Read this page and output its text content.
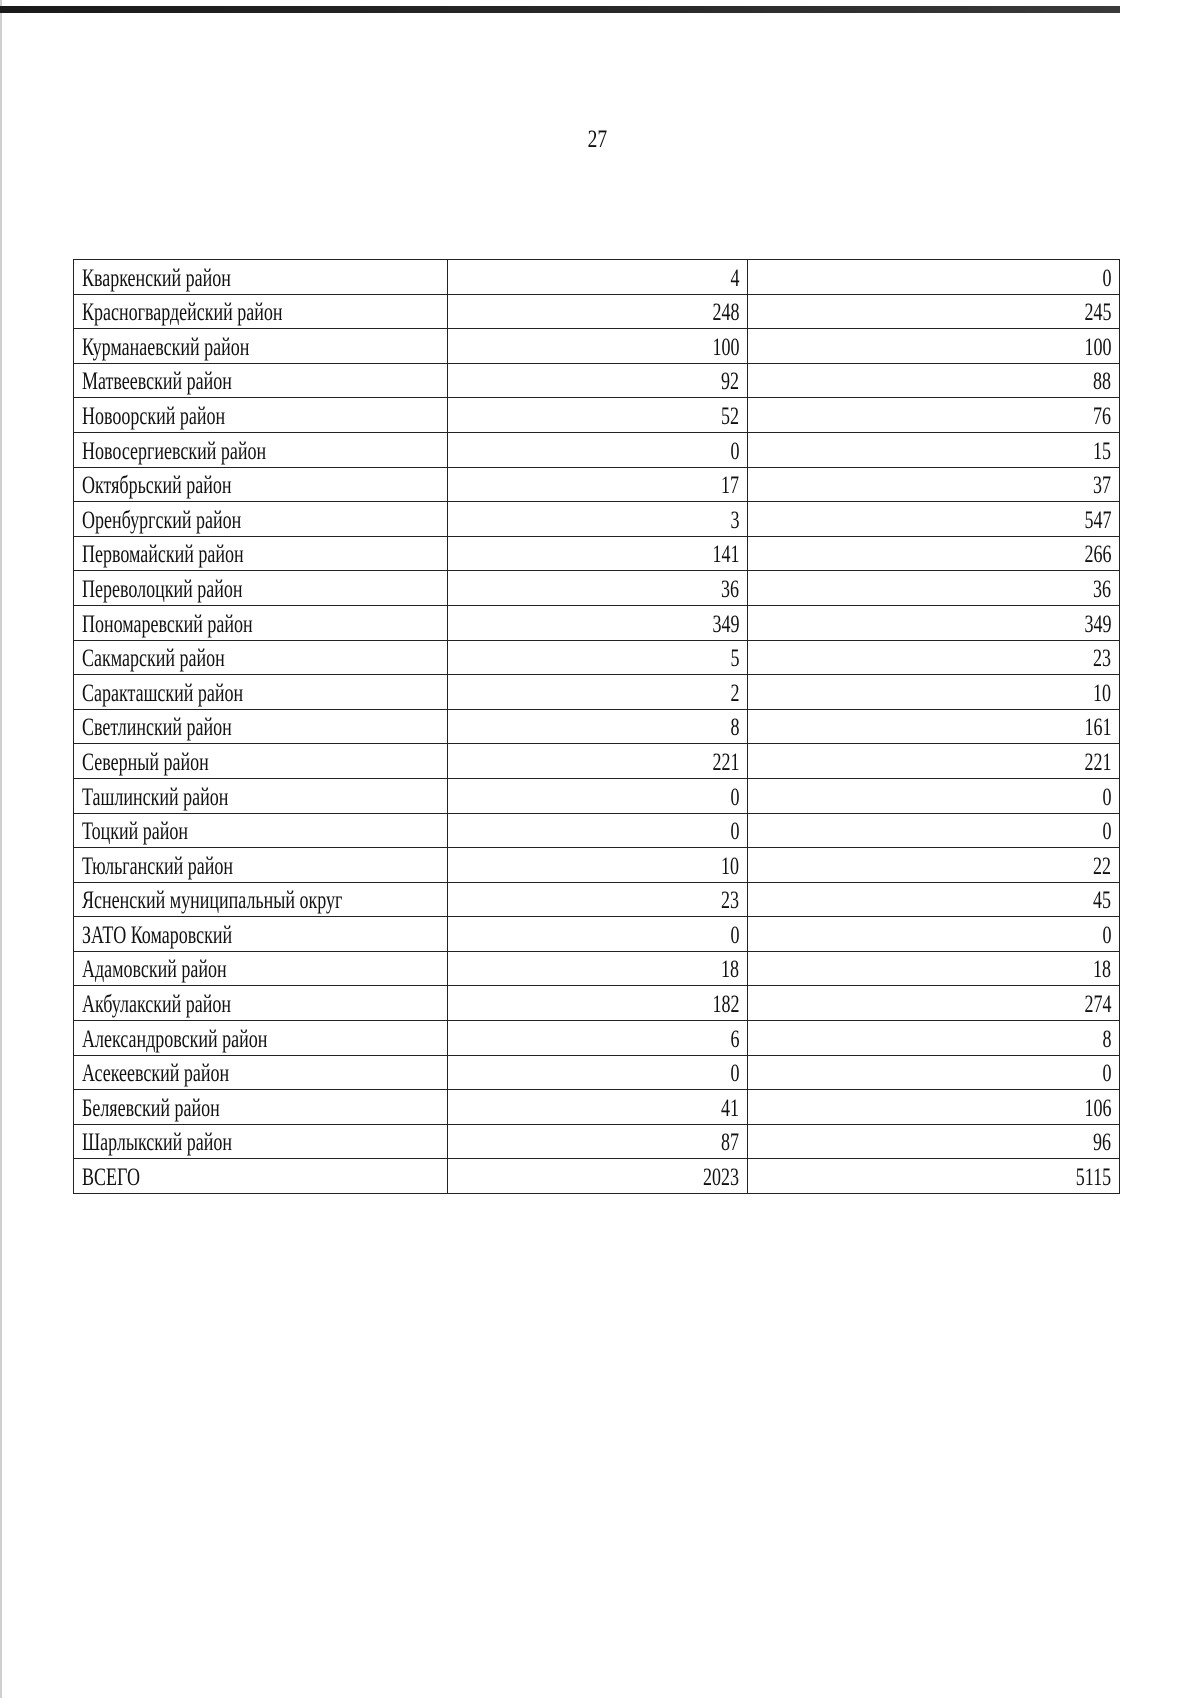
27
Кваркенский район	4	0
Красногвардейский район	248	245
Курманаевский район	100	100
Матвеевский район	92	88
Новоорский район	52	76
Новосергиевский район	0	15
Октябрьский район	17	37
Оренбургский район	3	547
Первомайский район	141	266
Переволоцкий район	36	36
Пономаревский район	349	349
Сакмарский район	5	23
Саракташский район	2	10
Светлинский район	8	161
Северный район	221	221
Ташлинский район	0	0
Тоцкий район	0	0
Тюльганский район	10	22
Ясненский муниципальный округ	23	45
ЗАТО Комаровский	0	0
Адамовский район	18	18
Акбулакский район	182	274
Александровский район	6	8
Асекеевский район	0	0
Беляевский район	41	106
Шарлыкский район	87	96
ВСЕГО	2023	5115
